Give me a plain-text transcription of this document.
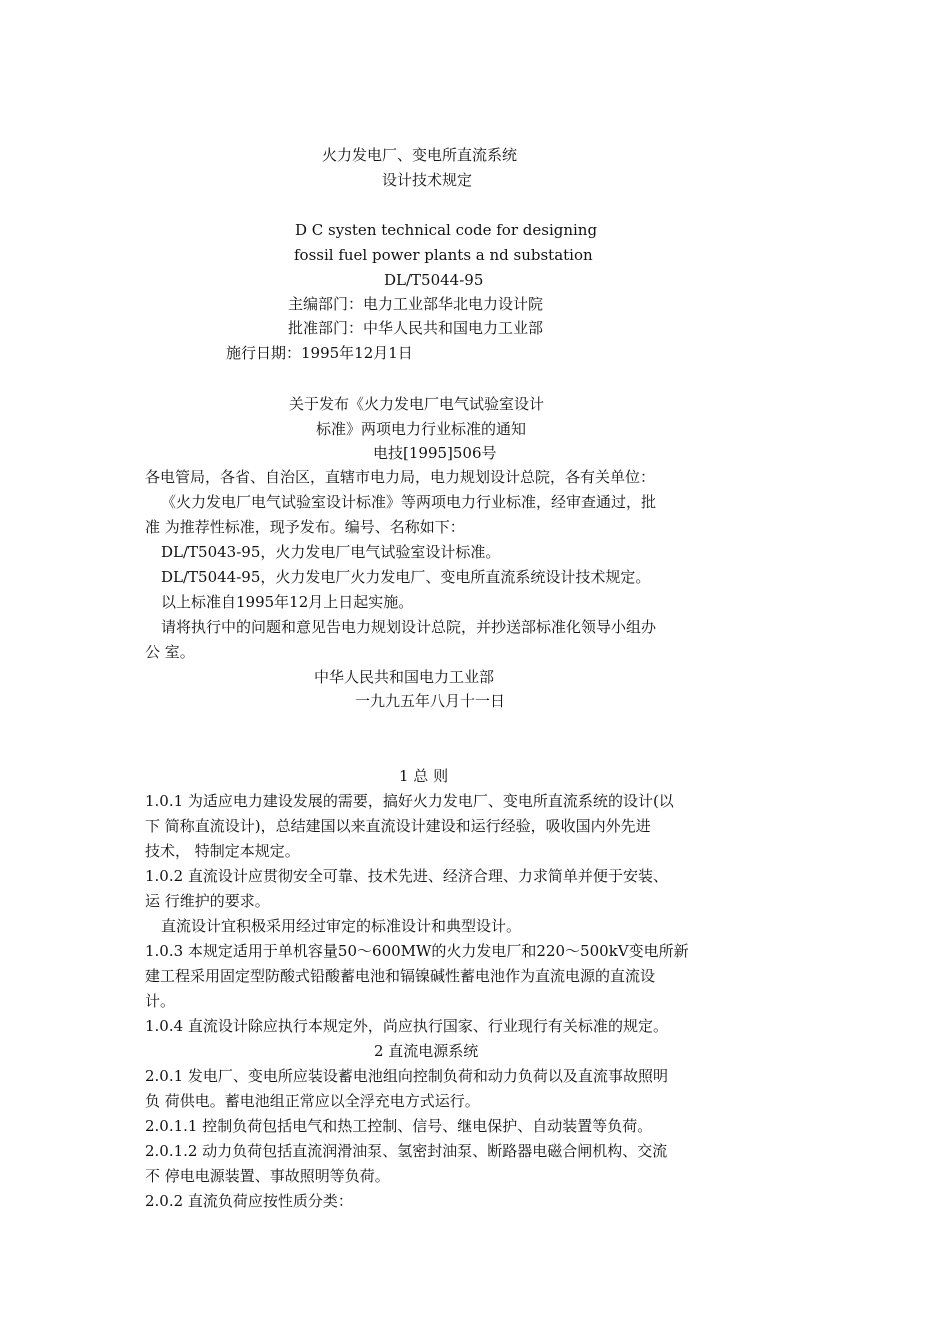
火力发电厂、变电所直流系统
设计技术规定
D C systen technical code for designing
fossil fuel power plants a nd substation
DL/T5044-95
主编部门：电力工业部华北电力设计院
批准部门：中华人民共和国电力工业部
施行日期：1995年12月1日
关于发布《火力发电厂电气试验室设计
标准》两项电力行业标准的通知
电技[1995]506号
各电管局，各省、自治区，直辖市电力局，电力规划设计总院，各有关单位：
《火力发电厂电气试验室设计标准》等两项电力行业标准，经审查通过，批
准 为推荐性标准，现予发布。编号、名称如下：
DL/T5043-95，火力发电厂电气试验室设计标准。
DL/T5044-95，火力发电厂火力发电厂、变电所直流系统设计技术规定。
以上标准自1995年12月上日起实施。
请将执行中的问题和意见告电力规划设计总院，并抄送部标准化领导小组办
公 室。
中华人民共和国电力工业部
一九九五年八月十一日
1 总 则
1.0.1 为适应电力建设发展的需要，搞好火力发电厂、变电所直流系统的设计(以
下 简称直流设计)，总结建国以来直流设计建设和运行经验，吸收国内外先进
技术， 特制定本规定。
1.0.2 直流设计应贯彻安全可靠、技术先进、经济合理、力求简单并便于安装、
运 行维护的要求。
直流设计宜积极采用经过审定的标准设计和典型设计。
1.0.3 本规定适用于单机容量50～600MW的火力发电厂和220～500kV变电所新
建工程采用固定型防酸式铅酸蓄电池和镉镍碱性蓄电池作为直流电源的直流设
计。
1.0.4 直流设计除应执行本规定外，尚应执行国家、行业现行有关标准的规定。
2 直流电源系统
2.0.1 发电厂、变电所应装设蓄电池组向控制负荷和动力负荷以及直流事故照明
负 荷供电。蓄电池组正常应以全浮充电方式运行。
2.0.1.1 控制负荷包括电气和热工控制、信号、继电保护、自动装置等负荷。
2.0.1.2 动力负荷包括直流润滑油泵、氢密封油泵、断路器电磁合闸机构、交流
不 停电电源装置、事故照明等负荷。
2.0.2 直流负荷应按性质分类：
